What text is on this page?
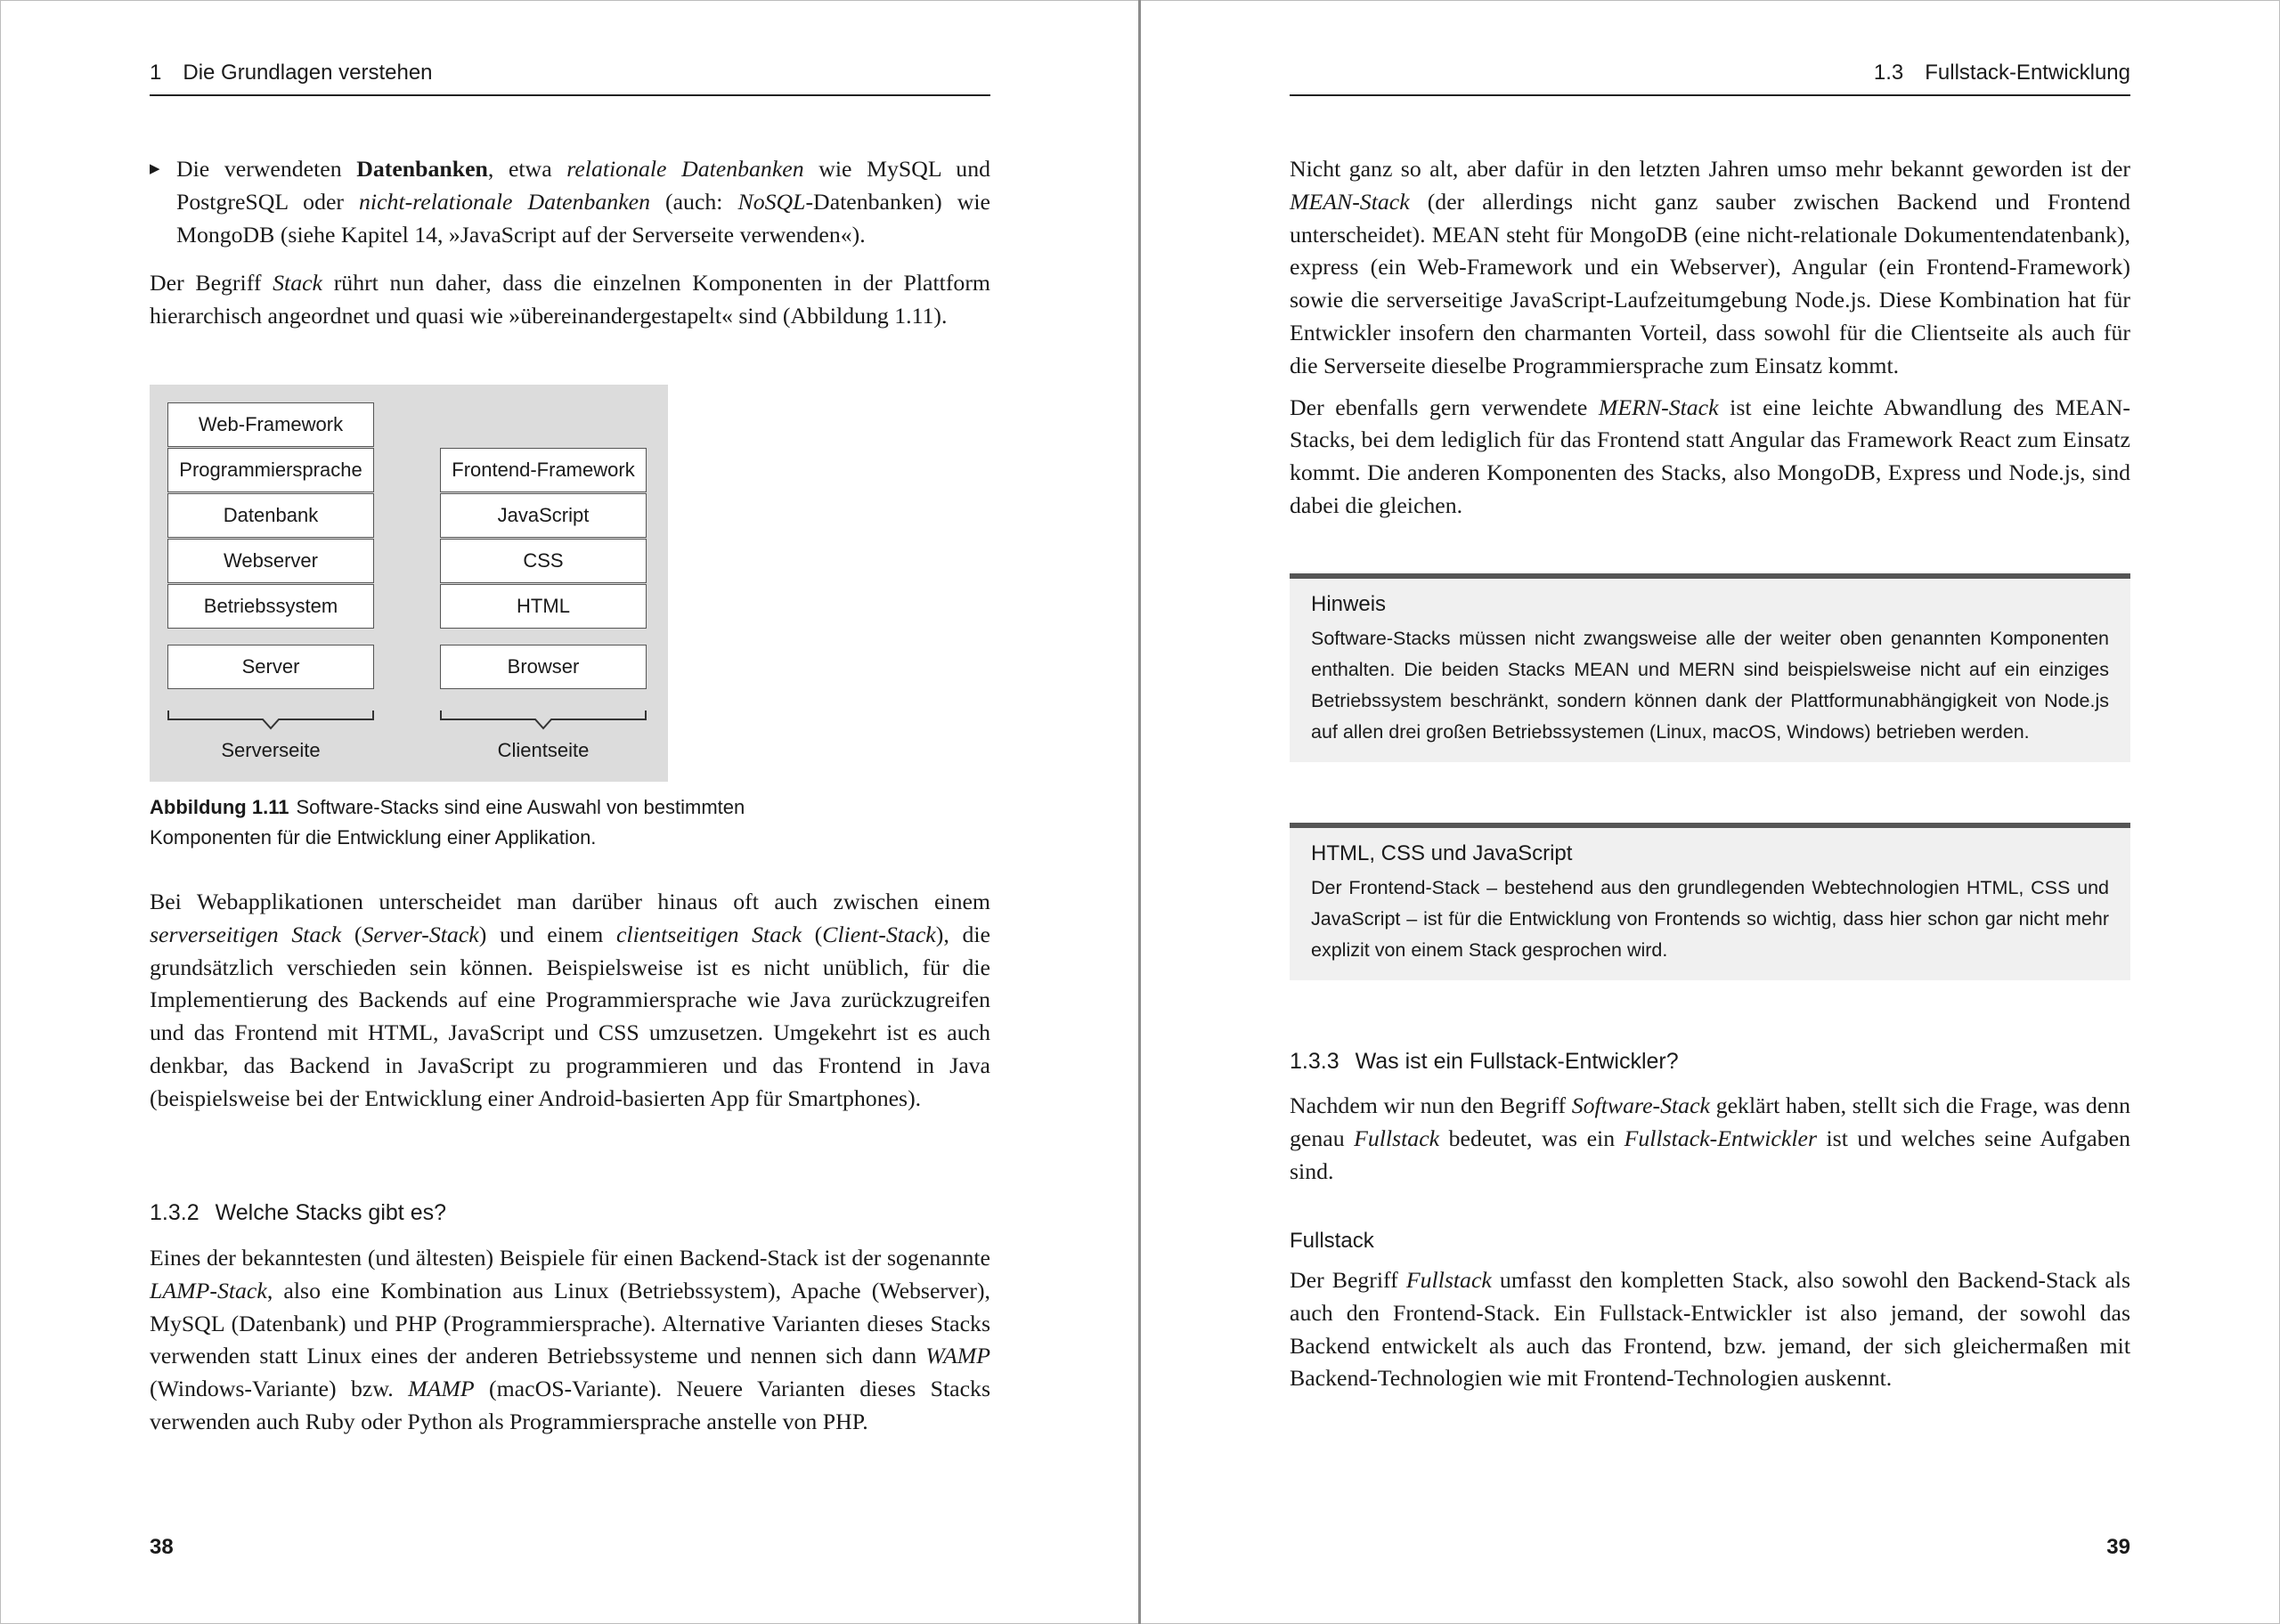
1 Die Grundlagen verstehen

▶ Die verwendeten Datenbanken, etwa relationale Datenbanken wie MySQL und PostgreSQL oder nicht-relationale Datenbanken (auch: NoSQL-Datenbanken) wie MongoDB (siehe Kapitel 14, »JavaScript auf der Serverseite verwenden«).

Der Begriff Stack rührt nun daher, dass die einzelnen Komponenten in der Plattform hierarchisch angeordnet und quasi wie »übereinandergestapelt« sind (Abbildung 1.11).

Web-Framework
Programmiersprache
Datenbank
Webserver
Betriebssystem
Server
Frontend-Framework
JavaScript
CSS
HTML
Browser
Serverseite	Clientseite
Abbildung 1.11 Software-Stacks sind eine Auswahl von bestimmten Komponenten für die Entwicklung einer Applikation.

Bei Webapplikationen unterscheidet man darüber hinaus oft auch zwischen einem serverseitigen Stack (Server-Stack) und einem clientseitigen Stack (Client-Stack), die grundsätzlich verschieden sein können. Beispielsweise ist es nicht unüblich, für die Implementierung des Backends auf eine Programmiersprache wie Java zurückzugreifen und das Frontend mit HTML, JavaScript und CSS umzusetzen. Umgekehrt ist es auch denkbar, das Backend in JavaScript zu programmieren und das Frontend in Java (beispielsweise bei der Entwicklung einer Android-basierten App für Smartphones).

1.3.2 Welche Stacks gibt es?

Eines der bekanntesten (und ältesten) Beispiele für einen Backend-Stack ist der sogenannte LAMP-Stack, also eine Kombination aus Linux (Betriebssystem), Apache (Webserver), MySQL (Datenbank) und PHP (Programmiersprache). Alternative Varianten dieses Stacks verwenden statt Linux eines der anderen Betriebssysteme und nennen sich dann WAMP (Windows-Variante) bzw. MAMP (macOS-Variante). Neuere Varianten dieses Stacks verwenden auch Ruby oder Python als Programmiersprache anstelle von PHP.

38
1.3 Fullstack-Entwicklung

Nicht ganz so alt, aber dafür in den letzten Jahren umso mehr bekannt geworden ist der MEAN-Stack (der allerdings nicht ganz sauber zwischen Backend und Frontend unterscheidet). MEAN steht für MongoDB (eine nicht-relationale Dokumentendatenbank), express (ein Web-Framework und ein Webserver), Angular (ein Frontend-Framework) sowie die serverseitige JavaScript-Laufzeitumgebung Node.js. Diese Kombination hat für Entwickler insofern den charmanten Vorteil, dass sowohl für die Clientseite als auch für die Serverseite dieselbe Programmiersprache zum Einsatz kommt.

Der ebenfalls gern verwendete MERN-Stack ist eine leichte Abwandlung des MEAN-Stacks, bei dem lediglich für das Frontend statt Angular das Framework React zum Einsatz kommt. Die anderen Komponenten des Stacks, also MongoDB, Express und Node.js, sind dabei die gleichen.

Hinweis
Software-Stacks müssen nicht zwangsweise alle der weiter oben genannten Komponenten enthalten. Die beiden Stacks MEAN und MERN sind beispielsweise nicht auf ein einziges Betriebssystem beschränkt, sondern können dank der Plattformunabhängigkeit von Node.js auf allen drei großen Betriebssystemen (Linux, macOS, Windows) betrieben werden.
HTML, CSS und JavaScript
Der Frontend-Stack – bestehend aus den grundlegenden Webtechnologien HTML, CSS und JavaScript – ist für die Entwicklung von Frontends so wichtig, dass hier schon gar nicht mehr explizit von einem Stack gesprochen wird.
1.3.3 Was ist ein Fullstack-Entwickler?

Nachdem wir nun den Begriff Software-Stack geklärt haben, stellt sich die Frage, was denn genau Fullstack bedeutet, was ein Fullstack-Entwickler ist und welches seine Aufgaben sind.

Fullstack

Der Begriff Fullstack umfasst den kompletten Stack, also sowohl den Backend-Stack als auch den Frontend-Stack. Ein Fullstack-Entwickler ist also jemand, der sowohl das Backend entwickelt als auch das Frontend, bzw. jemand, der sich gleichermaßen mit Backend-Technologien wie mit Frontend-Technologien auskennt.

39
